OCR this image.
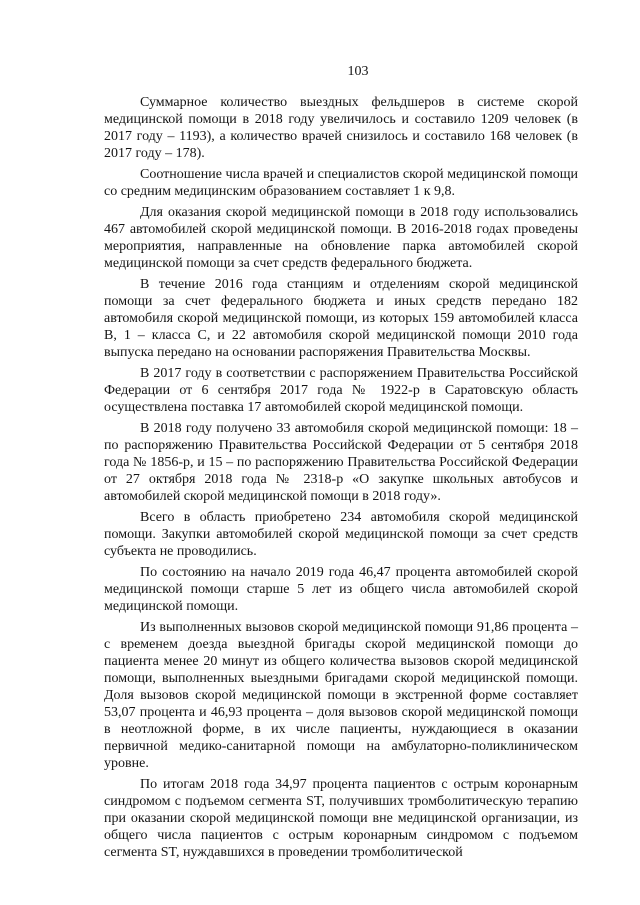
103

Суммарное количество выездных фельдшеров в системе скорой медицинской помощи в 2018 году увеличилось и составило 1209 человек (в 2017 году – 1193), а количество врачей снизилось и составило 168 человек (в 2017 году – 178).

Соотношение числа врачей и специалистов скорой медицинской помощи со средним медицинским образованием составляет 1 к 9,8.

Для оказания скорой медицинской помощи в 2018 году использовались 467 автомобилей скорой медицинской помощи. В 2016-2018 годах проведены мероприятия, направленные на обновление парка автомобилей скорой медицинской помощи за счет средств федерального бюджета.

В течение 2016 года станциям и отделениям скорой медицинской помощи за счет федерального бюджета и иных средств передано 182 автомобиля скорой медицинской помощи, из которых 159 автомобилей класса В, 1 – класса С, и 22 автомобиля скорой медицинской помощи 2010 года выпуска передано на основании распоряжения Правительства Москвы.

В 2017 году в соответствии с распоряжением Правительства Российской Федерации от 6 сентября 2017 года № 1922-р в Саратовскую область осуществлена поставка 17 автомобилей скорой медицинской помощи.

В 2018 году получено 33 автомобиля скорой медицинской помощи: 18 – по распоряжению Правительства Российской Федерации от 5 сентября 2018 года № 1856-р, и 15 – по распоряжению Правительства Российской Федерации от 27 октября 2018 года № 2318-р «О закупке школьных автобусов и автомобилей скорой медицинской помощи в 2018 году».

Всего в область приобретено 234 автомобиля скорой медицинской помощи. Закупки автомобилей скорой медицинской помощи за счет средств субъекта не проводились.

По состоянию на начало 2019 года 46,47 процента автомобилей скорой медицинской помощи старше 5 лет из общего числа автомобилей скорой медицинской помощи.

Из выполненных вызовов скорой медицинской помощи 91,86 процента – с временем доезда выездной бригады скорой медицинской помощи до пациента менее 20 минут из общего количества вызовов скорой медицинской помощи, выполненных выездными бригадами скорой медицинской помощи. Доля вызовов скорой медицинской помощи в экстренной форме составляет 53,07 процента и 46,93 процента – доля вызовов скорой медицинской помощи в неотложной форме, в их числе пациенты, нуждающиеся в оказании первичной медико-санитарной помощи на амбулаторно-поликлиническом уровне.

По итогам 2018 года 34,97 процента пациентов с острым коронарным синдромом с подъемом сегмента ST, получивших тромболитическую терапию при оказании скорой медицинской помощи вне медицинской организации, из общего числа пациентов с острым коронарным синдромом с подъемом сегмента ST, нуждавшихся в проведении тромболитической
